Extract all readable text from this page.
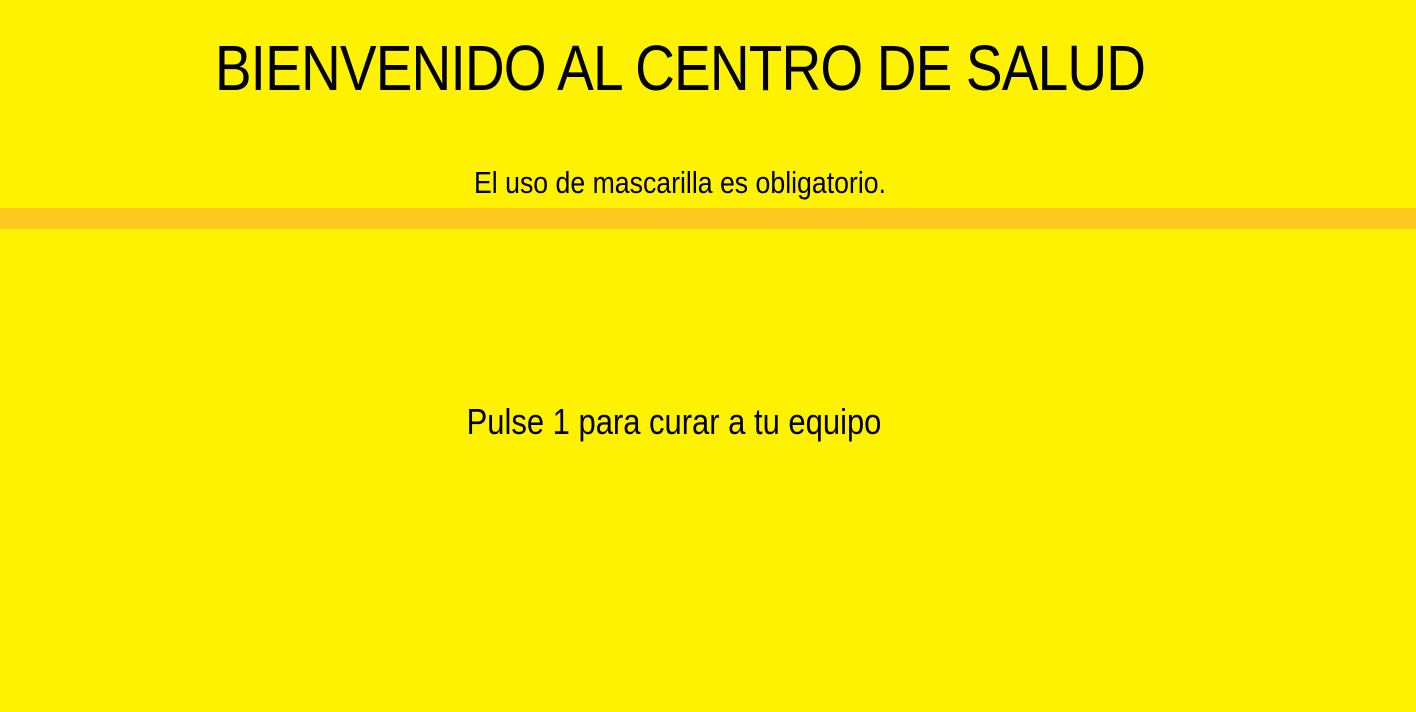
BIENVENIDO AL CENTRO DE SALUD
El uso de mascarilla es obligatorio.
Pulse 1 para curar a tu equipo
